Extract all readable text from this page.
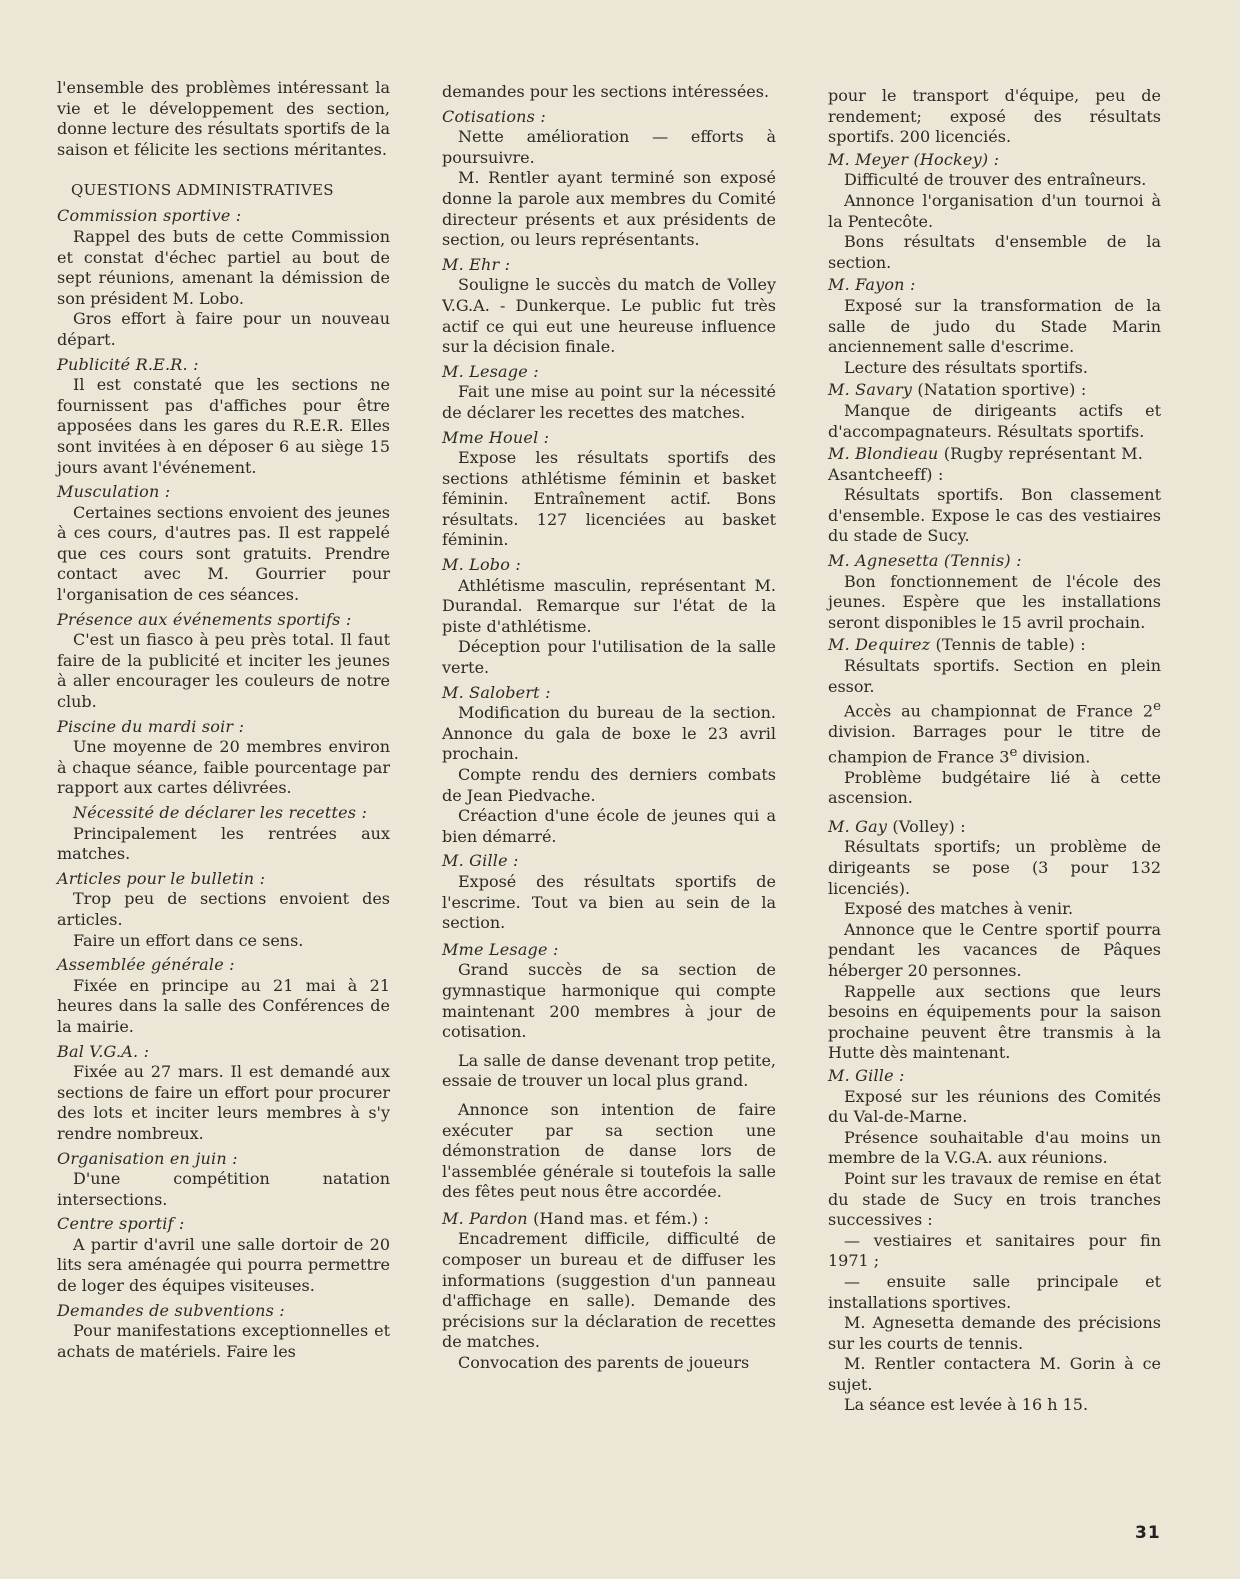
l'ensemble des problèmes intéressant la vie et le développement des section, donne lecture des résultats sportifs de la saison et félicite les sections méritantes.

QUESTIONS ADMINISTRATIVES
Commission sportive :

Rappel des buts de cette Commission et constat d'échec partiel au bout de sept réunions, amenant la démission de son président M. Lobo.

Gros effort à faire pour un nouveau départ.

Publicité R.E.R. :

Il est constaté que les sections ne fournissent pas d'affiches pour être apposées dans les gares du R.E.R. Elles sont invitées à en déposer 6 au siège 15 jours avant l'événement.

Musculation :

Certaines sections envoient des jeunes à ces cours, d'autres pas. Il est rappelé que ces cours sont gratuits. Prendre contact avec M. Gourrier pour l'organisation de ces séances.

Présence aux événements sportifs :

C'est un fiasco à peu près total. Il faut faire de la publicité et inciter les jeunes à aller encourager les couleurs de notre club.

Piscine du mardi soir :

Une moyenne de 20 membres environ à chaque séance, faible pourcentage par rapport aux cartes délivrées.

Nécessité de déclarer les recettes :

Principalement les rentrées aux matches.

Articles pour le bulletin :

Trop peu de sections envoient des articles.

Faire un effort dans ce sens.

Assemblée générale :

Fixée en principe au 21 mai à 21 heures dans la salle des Conférences de la mairie.

Bal V.G.A. :

Fixée au 27 mars. Il est demandé aux sections de faire un effort pour procurer des lots et inciter leurs membres à s'y rendre nombreux.

Organisation en juin :

D'une compétition natation intersections.

Centre sportif :

A partir d'avril une salle dortoir de 20 lits sera aménagée qui pourra permettre de loger des équipes visiteuses.

Demandes de subventions :

Pour manifestations exceptionnelles et achats de matériels. Faire les

demandes pour les sections intéressées.

Cotisations :

Nette amélioration — efforts à poursuivre.

M. Rentler ayant terminé son exposé donne la parole aux membres du Comité directeur présents et aux présidents de section, ou leurs représentants.

M. Ehr :

Souligne le succès du match de Volley V.G.A. - Dunkerque. Le public fut très actif ce qui eut une heureuse influence sur la décision finale.

M. Lesage :

Fait une mise au point sur la nécessité de déclarer les recettes des matches.

Mme Houel :

Expose les résultats sportifs des sections athlétisme féminin et basket féminin. Entraînement actif. Bons résultats. 127 licenciées au basket féminin.

M. Lobo :

Athlétisme masculin, représentant M. Durandal. Remarque sur l'état de la piste d'athlétisme.

Déception pour l'utilisation de la salle verte.

M. Salobert :

Modification du bureau de la section. Annonce du gala de boxe le 23 avril prochain.

Compte rendu des derniers combats de Jean Piedvache.

Créaction d'une école de jeunes qui a bien démarré.

M. Gille :

Exposé des résultats sportifs de l'escrime. Tout va bien au sein de la section.

Mme Lesage :

Grand succès de sa section de gymnastique harmonique qui compte maintenant 200 membres à jour de cotisation.

La salle de danse devenant trop petite, essaie de trouver un local plus grand.

Annonce son intention de faire exécuter par sa section une démonstration de danse lors de l'assemblée générale si toutefois la salle des fêtes peut nous être accordée.

M. Pardon (Hand mas. et fém.) :

Encadrement difficile, difficulté de composer un bureau et de diffuser les informations (suggestion d'un panneau d'affichage en salle). Demande des précisions sur la déclaration de recettes de matches.

Convocation des parents de joueurs

pour le transport d'équipe, peu de rendement; exposé des résultats sportifs. 200 licenciés.

M. Meyer (Hockey) :

Difficulté de trouver des entraîneurs.

Annonce l'organisation d'un tournoi à la Pentecôte.

Bons résultats d'ensemble de la section.

M. Fayon :

Exposé sur la transformation de la salle de judo du Stade Marin anciennement salle d'escrime.

Lecture des résultats sportifs.

M. Savary (Natation sportive) :

Manque de dirigeants actifs et d'accompagnateurs. Résultats sportifs.

M. Blondieau (Rugby représentant M. Asantcheeff) :

Résultats sportifs. Bon classement d'ensemble. Expose le cas des vestiaires du stade de Sucy.

M. Agnesetta (Tennis) :

Bon fonctionnement de l'école des jeunes. Espère que les installations seront disponibles le 15 avril prochain.

M. Dequirez (Tennis de table) :

Résultats sportifs. Section en plein essor.

Accès au championnat de France 2e division. Barrages pour le titre de champion de France 3e division.

Problème budgétaire lié à cette ascension.

M. Gay (Volley) :

Résultats sportifs; un problème de dirigeants se pose (3 pour 132 licenciés).

Exposé des matches à venir.

Annonce que le Centre sportif pourra pendant les vacances de Pâques héberger 20 personnes.

Rappelle aux sections que leurs besoins en équipements pour la saison prochaine peuvent être transmis à la Hutte dès maintenant.

M. Gille :

Exposé sur les réunions des Comités du Val-de-Marne.

Présence souhaitable d'au moins un membre de la V.G.A. aux réunions.

Point sur les travaux de remise en état du stade de Sucy en trois tranches successives :

— vestiaires et sanitaires pour fin 1971 ;

— ensuite salle principale et installations sportives.

M. Agnesetta demande des précisions sur les courts de tennis.

M. Rentler contactera M. Gorin à ce sujet.

La séance est levée à 16 h 15.

31
